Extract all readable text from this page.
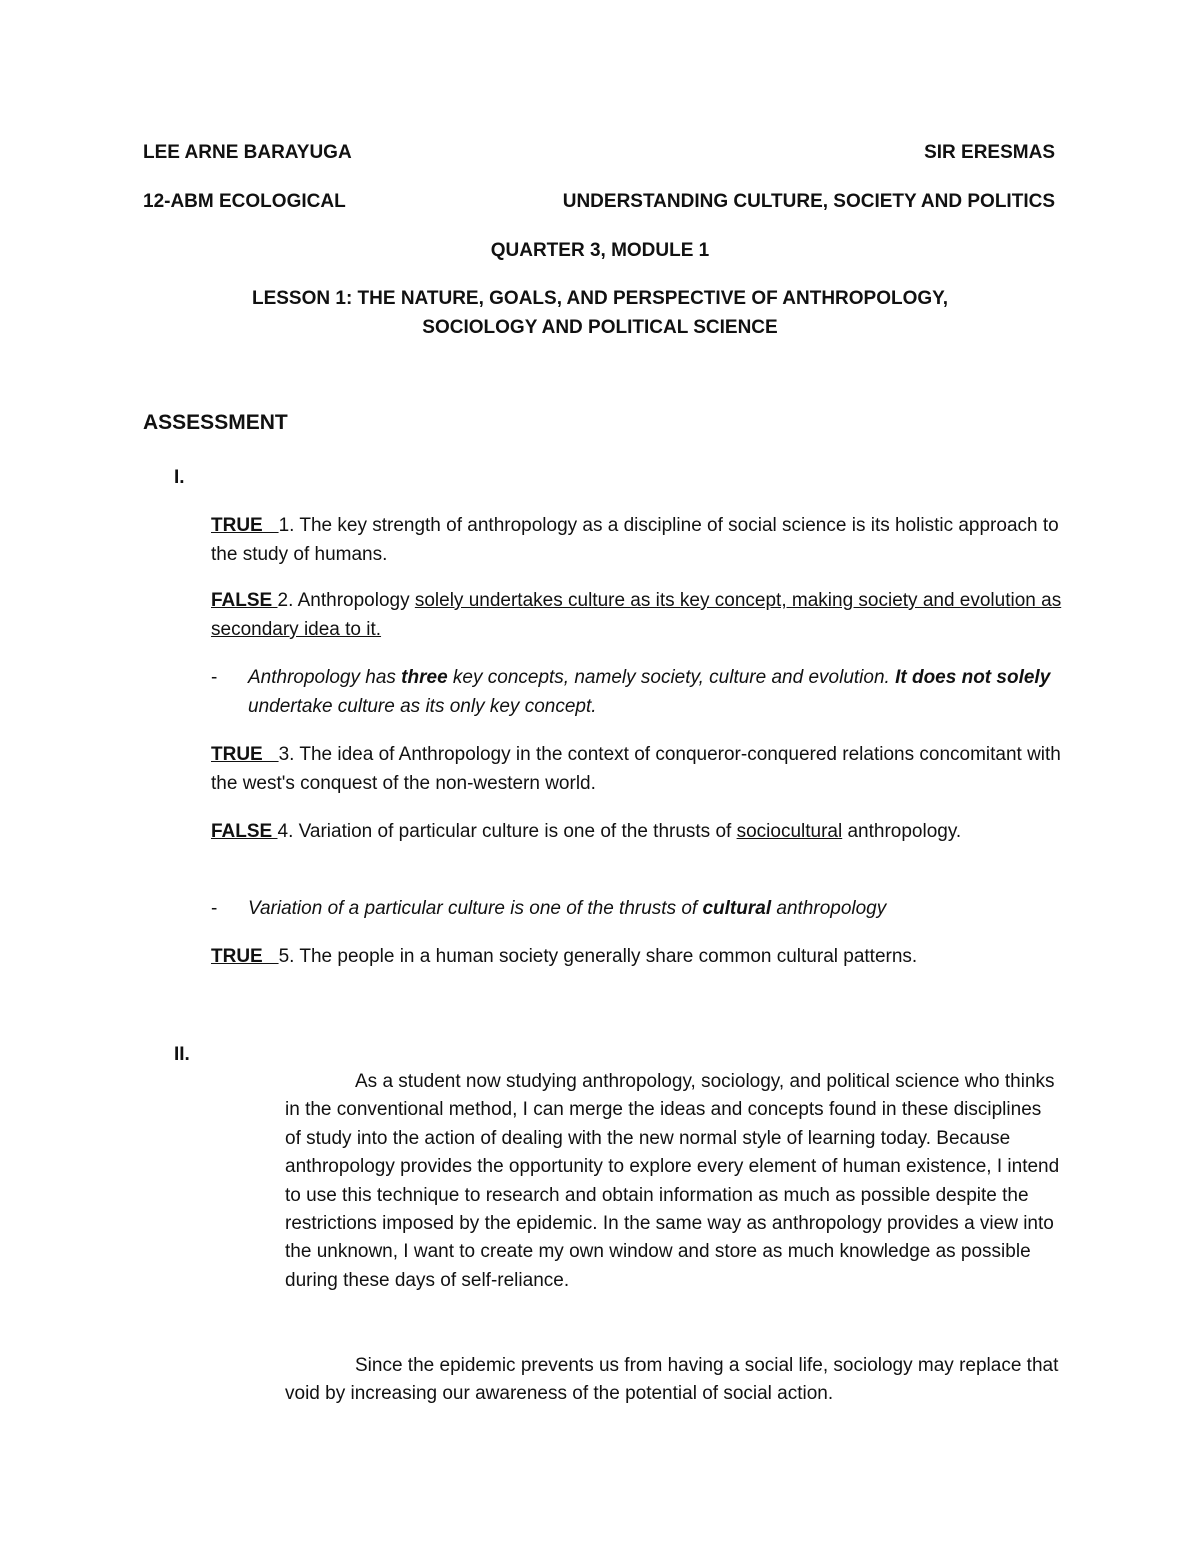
LEE ARNE BARAYUGA	SIR ERESMAS
12-ABM ECOLOGICAL	UNDERSTANDING CULTURE, SOCIETY AND POLITICS
QUARTER 3, MODULE 1
LESSON 1: THE NATURE, GOALS, AND PERSPECTIVE OF ANTHROPOLOGY,
SOCIOLOGY AND POLITICAL SCIENCE
ASSESSMENT
I.
TRUE   1. The key strength of anthropology as a discipline of social science is its holistic approach to the study of humans.
FALSE 2. Anthropology solely undertakes culture as its key concept, making society and evolution as secondary idea to it.
- Anthropology has three key concepts, namely society, culture and evolution. It does not solely undertake culture as its only key concept.
TRUE   3. The idea of Anthropology in the context of conqueror-conquered relations concomitant with the west's conquest of the non-western world.
FALSE 4. Variation of particular culture is one of the thrusts of sociocultural anthropology.
- Variation of a particular culture is one of the thrusts of cultural anthropology
TRUE   5. The people in a human society generally share common cultural patterns.
II.
As a student now studying anthropology, sociology, and political science who thinks in the conventional method, I can merge the ideas and concepts found in these disciplines of study into the action of dealing with the new normal style of learning today. Because anthropology provides the opportunity to explore every element of human existence, I intend to use this technique to research and obtain information as much as possible despite the restrictions imposed by the epidemic. In the same way as anthropology provides a view into the unknown, I want to create my own window and store as much knowledge as possible during these days of self-reliance.
Since the epidemic prevents us from having a social life, sociology may replace that void by increasing our awareness of the potential of social action.
